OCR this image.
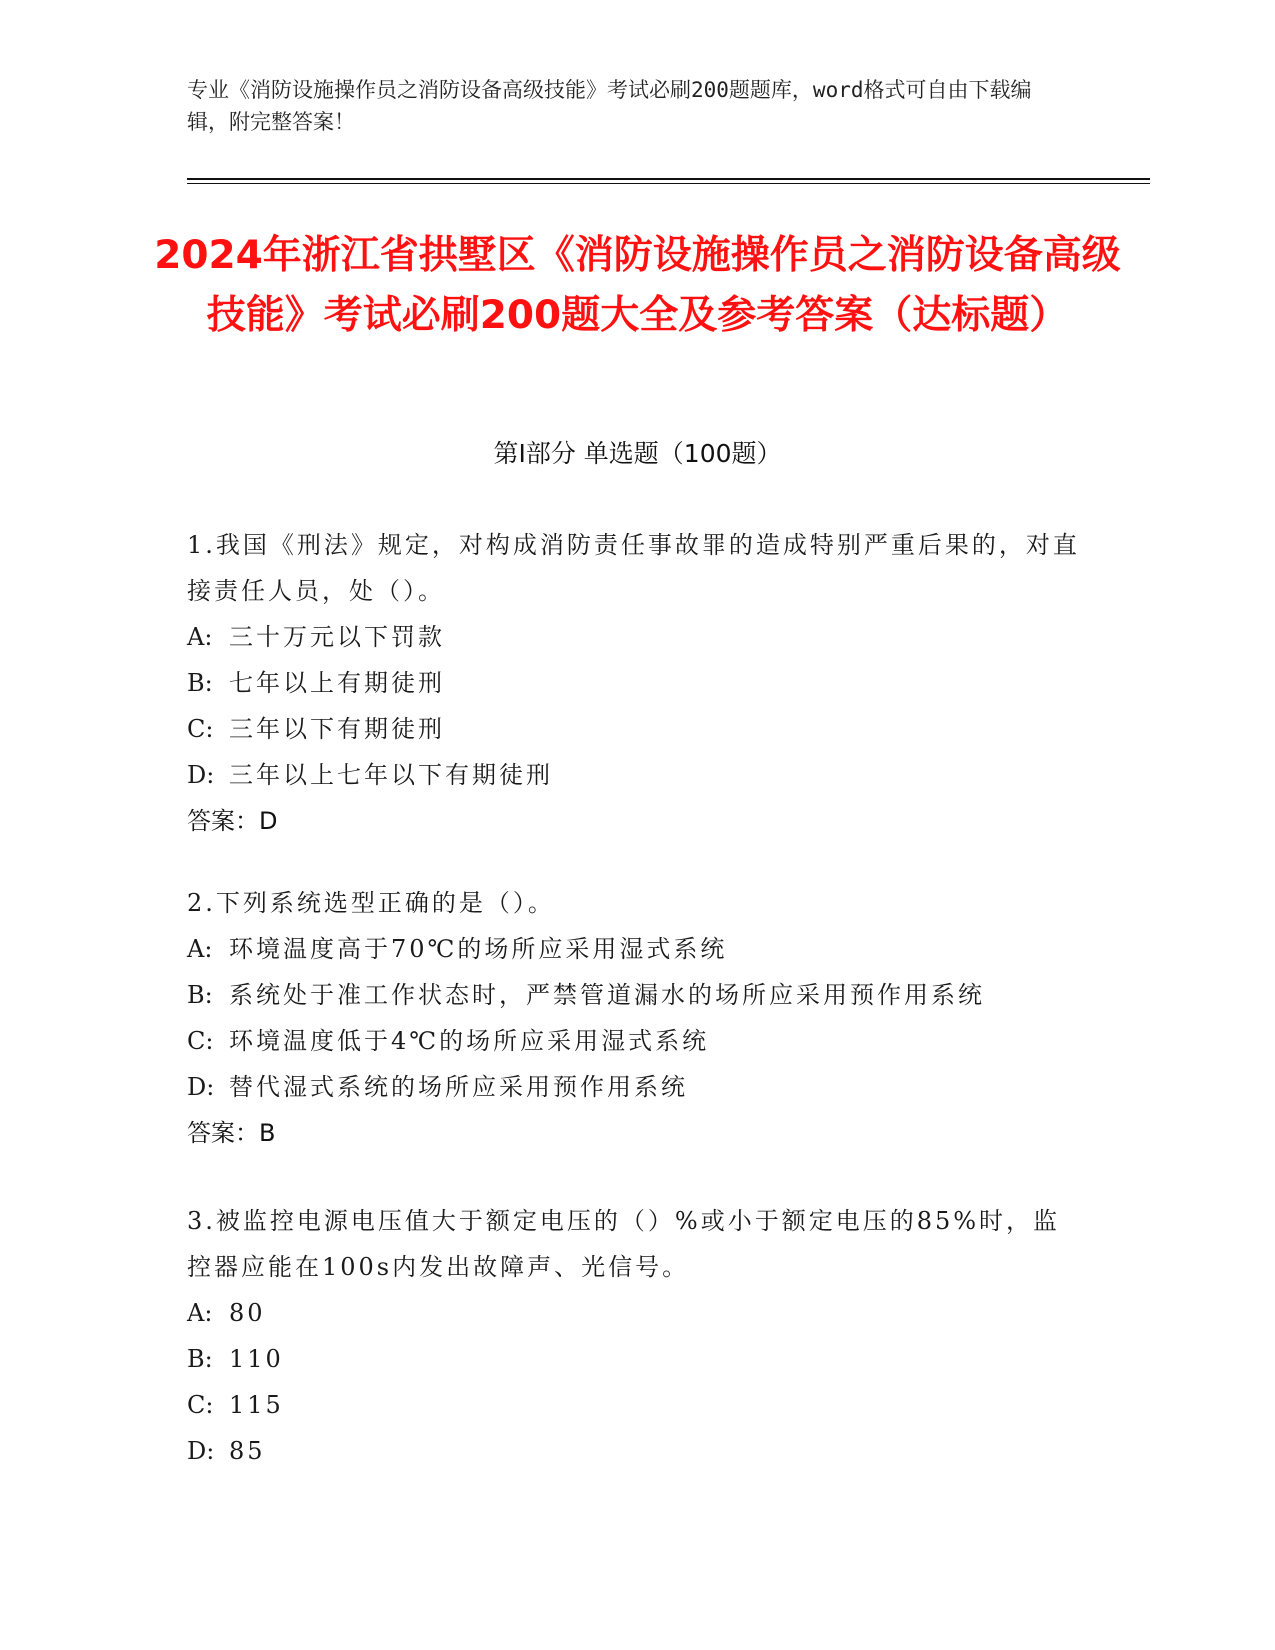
专业《消防设施操作员之消防设备高级技能》考试必刷200题题库，word格式可自由下载编辑，附完整答案！
2024年浙江省拱墅区《消防设施操作员之消防设备高级技能》考试必刷200题大全及参考答案（达标题）
第I部分 单选题（100题）
1.我国《刑法》规定，对构成消防责任事故罪的造成特别严重后果的，对直接责任人员，处（）。
A: 三十万元以下罚款
B: 七年以上有期徒刑
C: 三年以下有期徒刑
D: 三年以上七年以下有期徒刑
答案：D
2.下列系统选型正确的是（）。
A: 环境温度高于70℃的场所应采用湿式系统
B: 系统处于准工作状态时，严禁管道漏水的场所应采用预作用系统
C: 环境温度低于4℃的场所应采用湿式系统
D: 替代湿式系统的场所应采用预作用系统
答案：B
3.被监控电源电压值大于额定电压的（）%或小于额定电压的85%时，监控器应能在100s内发出故障声、光信号。
A: 80
B: 110
C: 115
D: 85
